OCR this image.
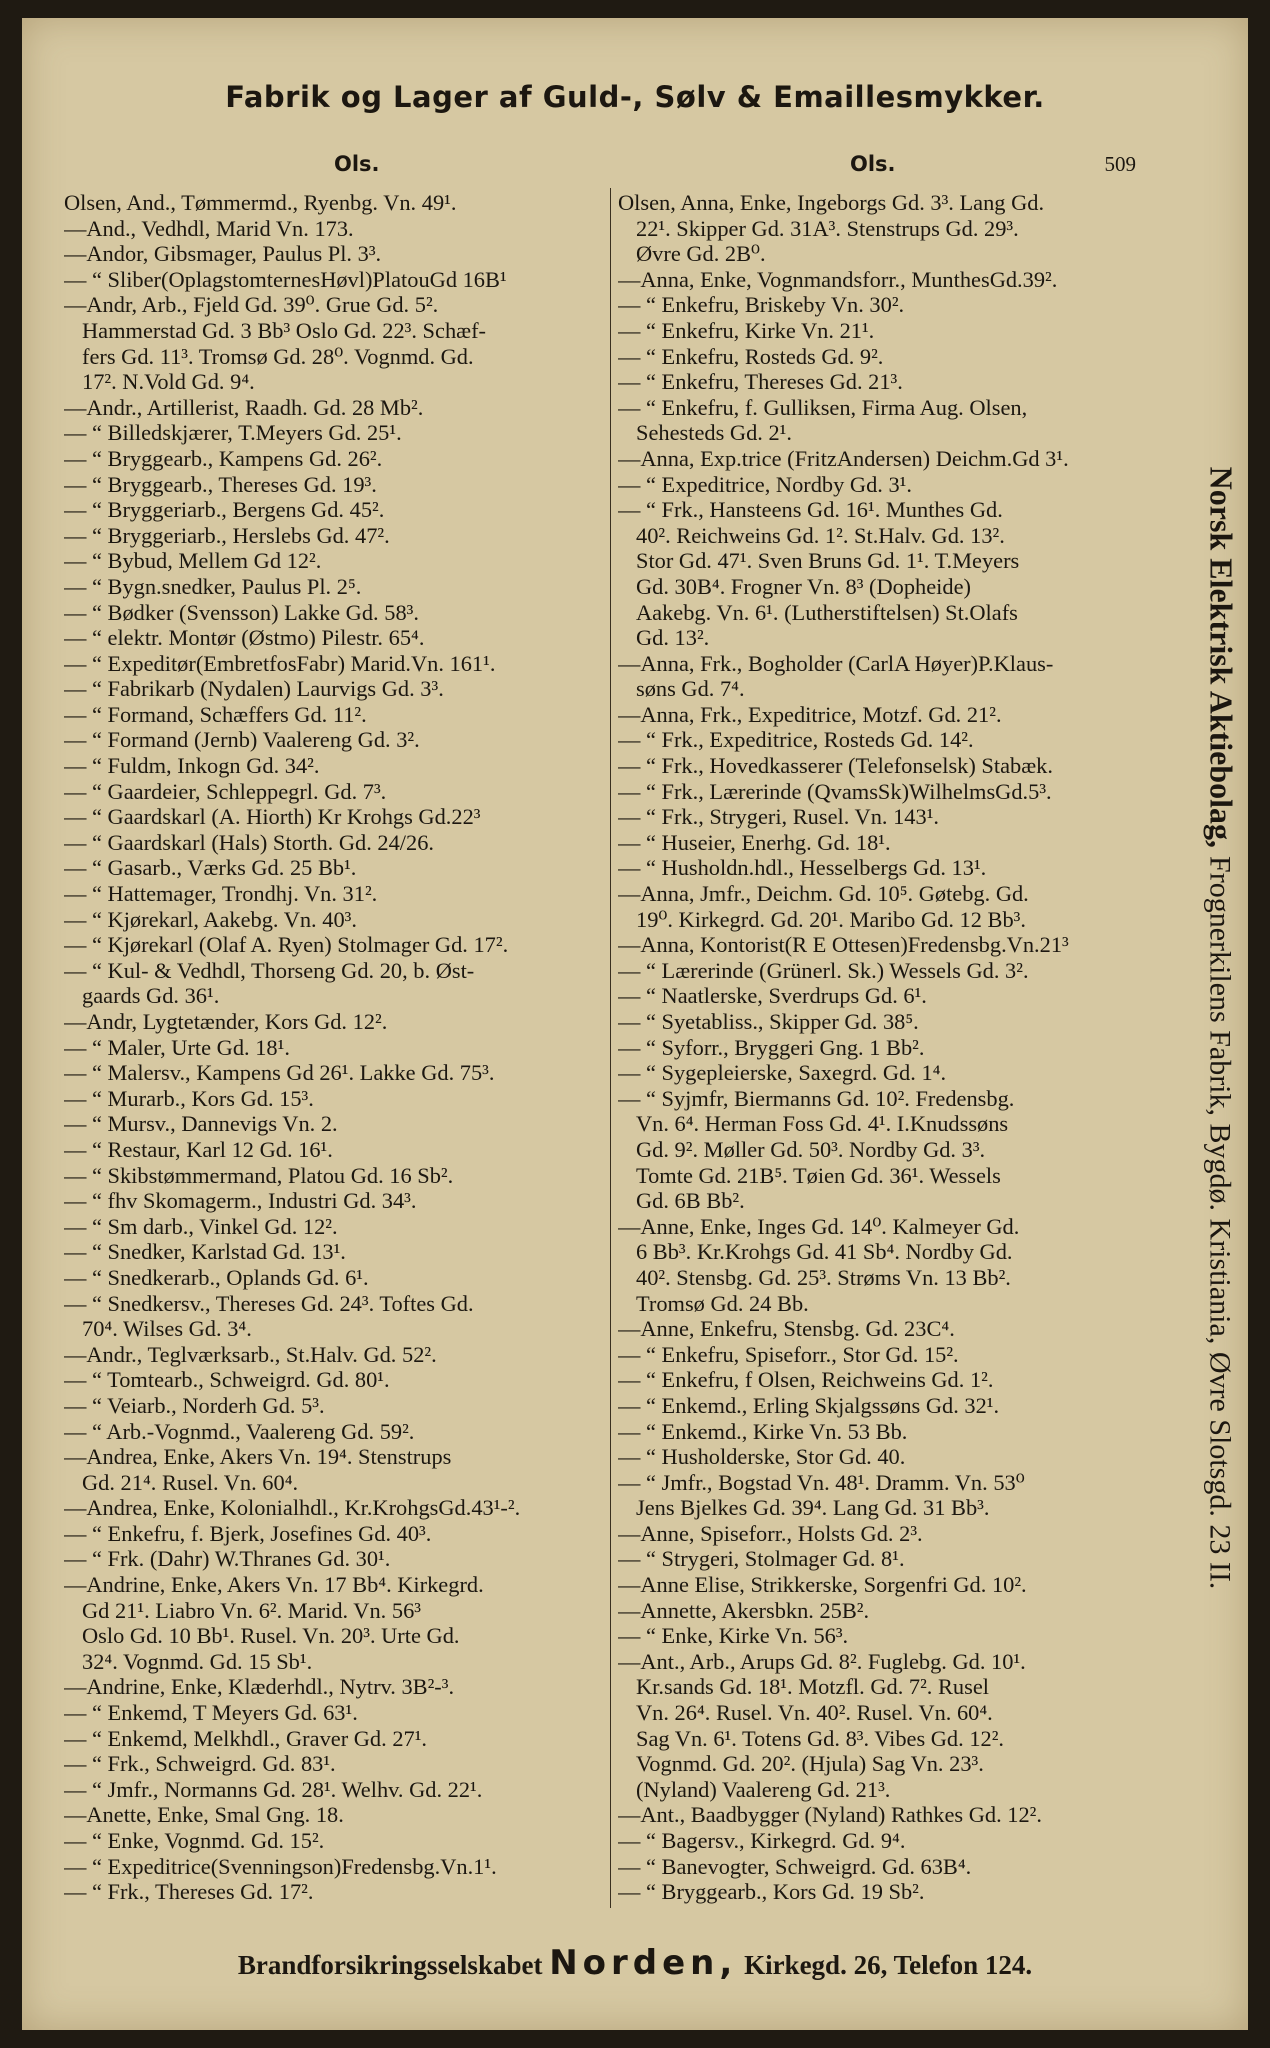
Fabrik og Lager af Guld-, Sølv & Emaillesmykker.
Ols.	Ols.	509
Olsen, And., Tømmermd., Ryenbg. Vn. 49¹.
—And., Vedhdl, Marid Vn. 173.
—Andor, Gibsmager, Paulus Pl. 3³.
— “ Sliber(OplagstomternesHøvl)PlatouGd 16B¹
—Andr, Arb., Fjeld Gd. 39⁰. Grue Gd. 5².
Hammerstad Gd. 3 Bb³ Oslo Gd. 22³. Schæf-
fers Gd. 11³. Tromsø Gd. 28⁰. Vognmd. Gd.
17². N.Vold Gd. 9⁴.
—Andr., Artillerist, Raadh. Gd. 28 Mb².
— “ Billedskjærer, T.Meyers Gd. 25¹.
— “ Bryggearb., Kampens Gd. 26².
— “ Bryggearb., Thereses Gd. 19³.
— “ Bryggeriarb., Bergens Gd. 45².
— “ Bryggeriarb., Herslebs Gd. 47².
— “ Bybud, Mellem Gd 12².
— “ Bygn.snedker, Paulus Pl. 2⁵.
— “ Bødker (Svensson) Lakke Gd. 58³.
— “ elektr. Montør (Østmo) Pilestr. 65⁴.
— “ Expeditør(EmbretfosFabr) Marid.Vn. 161¹.
— “ Fabrikarb (Nydalen) Laurvigs Gd. 3³.
— “ Formand, Schæffers Gd. 11².
— “ Formand (Jernb) Vaalereng Gd. 3².
— “ Fuldm, Inkogn Gd. 34².
— “ Gaardeier, Schleppegrl. Gd. 7³.
— “ Gaardskarl (A. Hiorth) Kr Krohgs Gd.22³
— “ Gaardskarl (Hals) Storth. Gd. 24/26.
— “ Gasarb., Værks Gd. 25 Bb¹.
— “ Hattemager, Trondhj. Vn. 31².
— “ Kjørekarl, Aakebg. Vn. 40³.
— “ Kjørekarl (Olaf A. Ryen) Stolmager Gd. 17².
— “ Kul- & Vedhdl, Thorseng Gd. 20, b. Øst-
gaards Gd. 36¹.
—Andr, Lygtetænder, Kors Gd. 12².
— “ Maler, Urte Gd. 18¹.
— “ Malersv., Kampens Gd 26¹. Lakke Gd. 75³.
— “ Murarb., Kors Gd. 15³.
— “ Mursv., Dannevigs Vn. 2.
— “ Restaur, Karl 12 Gd. 16¹.
— “ Skibstømmermand, Platou Gd. 16 Sb².
— “ fhv Skomagerm., Industri Gd. 34³.
— “ Sm darb., Vinkel Gd. 12².
— “ Snedker, Karlstad Gd. 13¹.
— “ Snedkerarb., Oplands Gd. 6¹.
— “ Snedkersv., Thereses Gd. 24³. Toftes Gd.
70⁴. Wilses Gd. 3⁴.
—Andr., Teglværksarb., St.Halv. Gd. 52².
— “ Tomtearb., Schweigrd. Gd. 80¹.
— “ Veiarb., Norderh Gd. 5³.
— “ Arb.-Vognmd., Vaalereng Gd. 59².
—Andrea, Enke, Akers Vn. 19⁴. Stenstrups
Gd. 21⁴. Rusel. Vn. 60⁴.
—Andrea, Enke, Kolonialhdl., Kr.KrohgsGd.43¹-².
— “ Enkefru, f. Bjerk, Josefines Gd. 40³.
— “ Frk. (Dahr) W.Thranes Gd. 30¹.
—Andrine, Enke, Akers Vn. 17 Bb⁴. Kirkegrd.
Gd 21¹. Liabro Vn. 6². Marid. Vn. 56³
Oslo Gd. 10 Bb¹. Rusel. Vn. 20³. Urte Gd.
32⁴. Vognmd. Gd. 15 Sb¹.
—Andrine, Enke, Klæderhdl., Nytrv. 3B²-³.
— “ Enkemd, T Meyers Gd. 63¹.
— “ Enkemd, Melkhdl., Graver Gd. 27¹.
— “ Frk., Schweigrd. Gd. 83¹.
— “ Jmfr., Normanns Gd. 28¹. Welhv. Gd. 22¹.
—Anette, Enke, Smal Gng. 18.
— “ Enke, Vognmd. Gd. 15².
— “ Expeditrice(Svenningson)Fredensbg.Vn.1¹.
— “ Frk., Thereses Gd. 17².
Olsen, Anna, Enke, Ingeborgs Gd. 3³. Lang Gd.
22¹. Skipper Gd. 31A³. Stenstrups Gd. 29³.
Øvre Gd. 2B⁰.
—Anna, Enke, Vognmandsforr., MunthesGd.39².
— “ Enkefru, Briskeby Vn. 30².
— “ Enkefru, Kirke Vn. 21¹.
— “ Enkefru, Rosteds Gd. 9².
— “ Enkefru, Thereses Gd. 21³.
— “ Enkefru, f. Gulliksen, Firma Aug. Olsen,
Sehesteds Gd. 2¹.
—Anna, Exp.trice (FritzAndersen) Deichm.Gd 3¹.
— “ Expeditrice, Nordby Gd. 3¹.
— “ Frk., Hansteens Gd. 16¹. Munthes Gd.
40². Reichweins Gd. 1². St.Halv. Gd. 13².
Stor Gd. 47¹. Sven Bruns Gd. 1¹. T.Meyers
Gd. 30B⁴. Frogner Vn. 8³ (Dopheide)
Aakebg. Vn. 6¹. (Lutherstiftelsen) St.Olafs
Gd. 13².
—Anna, Frk., Bogholder (CarlA Høyer)P.Klaus-
søns Gd. 7⁴.
—Anna, Frk., Expeditrice, Motzf. Gd. 21².
— “ Frk., Expeditrice, Rosteds Gd. 14².
— “ Frk., Hovedkasserer (Telefonselsk) Stabæk.
— “ Frk., Lærerinde (QvamsSk)WilhelmsGd.5³.
— “ Frk., Strygeri, Rusel. Vn. 143¹.
— “ Huseier, Enerhg. Gd. 18¹.
— “ Husholdn.hdl., Hesselbergs Gd. 13¹.
—Anna, Jmfr., Deichm. Gd. 10⁵. Gøtebg. Gd.
19⁰. Kirkegrd. Gd. 20¹. Maribo Gd. 12 Bb³.
—Anna, Kontorist(R E Ottesen)Fredensbg.Vn.21³
— “ Lærerinde (Grünerl. Sk.) Wessels Gd. 3².
— “ Naatlerske, Sverdrups Gd. 6¹.
— “ Syetabliss., Skipper Gd. 38⁵.
— “ Syforr., Bryggeri Gng. 1 Bb².
— “ Sygepleierske, Saxegrd. Gd. 1⁴.
— “ Syjmfr, Biermanns Gd. 10². Fredensbg.
Vn. 6⁴. Herman Foss Gd. 4¹. I.Knudssøns
Gd. 9². Møller Gd. 50³. Nordby Gd. 3³.
Tomte Gd. 21B⁵. Tøien Gd. 36¹. Wessels
Gd. 6B Bb².
—Anne, Enke, Inges Gd. 14⁰. Kalmeyer Gd.
6 Bb³. Kr.Krohgs Gd. 41 Sb⁴. Nordby Gd.
40². Stensbg. Gd. 25³. Strøms Vn. 13 Bb².
Tromsø Gd. 24 Bb.
—Anne, Enkefru, Stensbg. Gd. 23C⁴.
— “ Enkefru, Spiseforr., Stor Gd. 15².
— “ Enkefru, f Olsen, Reichweins Gd. 1².
— “ Enkemd., Erling Skjalgssøns Gd. 32¹.
— “ Enkemd., Kirke Vn. 53 Bb.
— “ Husholderske, Stor Gd. 40.
— “ Jmfr., Bogstad Vn. 48¹. Dramm. Vn. 53⁰
Jens Bjelkes Gd. 39⁴. Lang Gd. 31 Bb³.
—Anne, Spiseforr., Holsts Gd. 2³.
— “ Strygeri, Stolmager Gd. 8¹.
—Anne Elise, Strikkerske, Sorgenfri Gd. 10².
—Annette, Akersbkn. 25B².
— “ Enke, Kirke Vn. 56³.
—Ant., Arb., Arups Gd. 8². Fuglebg. Gd. 10¹.
Kr.sands Gd. 18¹. Motzfl. Gd. 7². Rusel
Vn. 26⁴. Rusel. Vn. 40². Rusel. Vn. 60⁴.
Sag Vn. 6¹. Totens Gd. 8³. Vibes Gd. 12².
Vognmd. Gd. 20². (Hjula) Sag Vn. 23³.
(Nyland) Vaalereng Gd. 21³.
—Ant., Baadbygger (Nyland) Rathkes Gd. 12².
— “ Bagersv., Kirkegrd. Gd. 9⁴.
— “ Banevogter, Schweigrd. Gd. 63B⁴.
— “ Bryggearb., Kors Gd. 19 Sb².
Norsk Elektrisk Aktiebolag, Frognerkilens Fabrik, Bygdø. Kristiania, Øvre Slotsgd. 23 II.
Brandforsikringsselskabet Norden, Kirkegd. 26, Telefon 124.
